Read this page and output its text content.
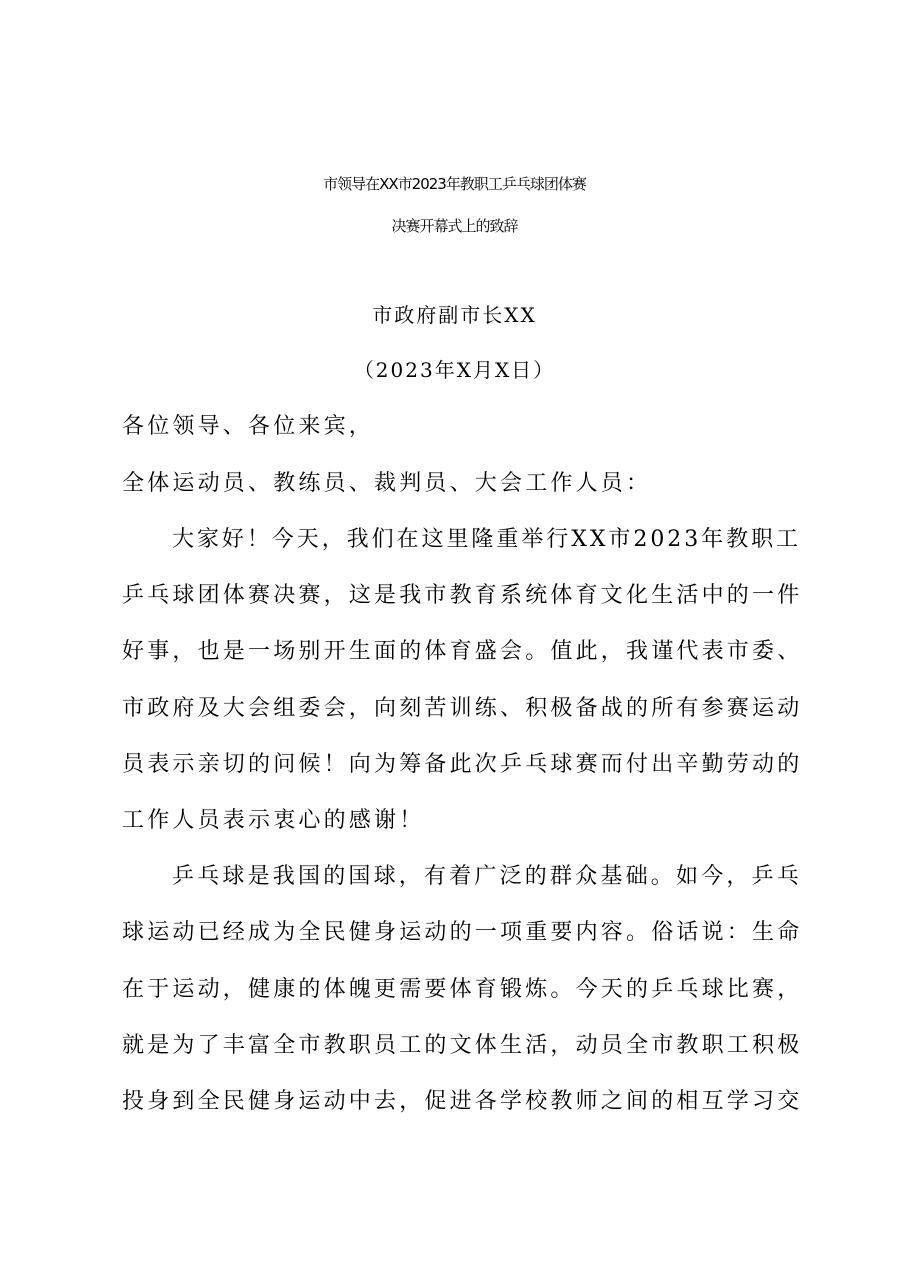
市领导在XX市2023年教职工乒乓球团体赛
决赛开幕式上的致辞
市政府副市长XX
（2023年X月X日）
各位领导、各位来宾，
全体运动员、教练员、裁判员、大会工作人员：
大家好！今天，我们在这里隆重举行XX市2023年教职工
乒乓球团体赛决赛，这是我市教育系统体育文化生活中的一件
好事，也是一场别开生面的体育盛会。值此，我谨代表市委、
市政府及大会组委会，向刻苦训练、积极备战的所有参赛运动
员表示亲切的问候！向为筹备此次乒乓球赛而付出辛勤劳动的
工作人员表示衷心的感谢！
乒乓球是我国的国球，有着广泛的群众基础。如今，乒乓
球运动已经成为全民健身运动的一项重要内容。俗话说：生命
在于运动，健康的体魄更需要体育锻炼。今天的乒乓球比赛，
就是为了丰富全市教职员工的文体生活，动员全市教职工积极
投身到全民健身运动中去，促进各学校教师之间的相互学习交
